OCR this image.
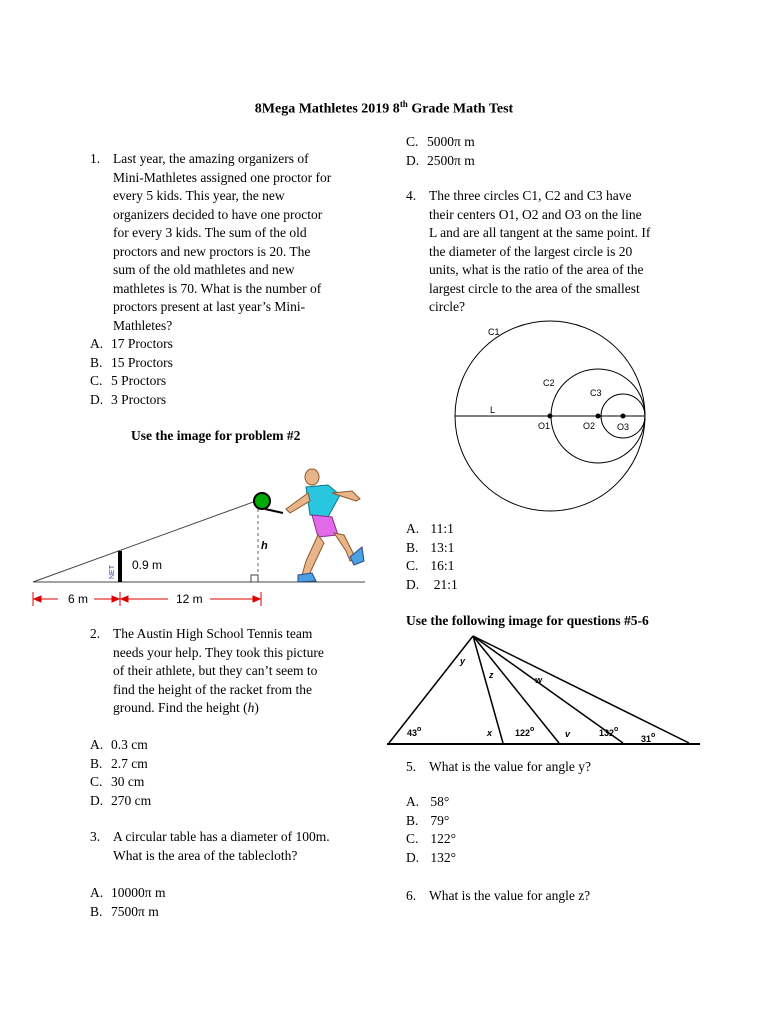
8Mega Mathletes 2019 8th Grade Math Test
1. Last year, the amazing organizers of
Mini-Mathletes assigned one proctor for
every 5 kids. This year, the new
organizers decided to have one proctor
for every 3 kids. The sum of the old
proctors and new proctors is 20. The
sum of the old mathletes and new
mathletes is 70. What is the number of
proctors present at last year’s Mini-
Mathletes?
A. 17 Proctors
B. 15 Proctors
C. 5 Proctors
D. 3 Proctors
Use the image for problem #2
NET 0.9 m
h
6 m	12 m
2. The Austin High School Tennis team
needs your help. They took this picture
of their athlete, but they can’t seem to
find the height of the racket from the
ground. Find the height (h)
A. 0.3 cm
B. 2.7 cm
C. 30 cm
D. 270 cm
3. A circular table has a diameter of 100m.
What is the area of the tablecloth?
A. 10000π m
B. 7500π m
C. 5000π m
D. 2500π m
4. The three circles C1, C2 and C3 have
their centers O1, O2 and O3 on the line
L and are all tangent at the same point. If
the diameter of the largest circle is 20
units, what is the ratio of the area of the
largest circle to the area of the smallest
circle?
C1
C2
C3
L
O1	O2 O3
A. 11:1
B. 13:1
C. 16:1
D. 21:1
Use the following image for questions #5-6
y
z	w
x	v
43$^o$	122$^o$	132$^o$
31$^o$
5. What is the value for angle y?
A. 58°
B. 79°
C. 122°
D. 132°
6. What is the value for angle z?
